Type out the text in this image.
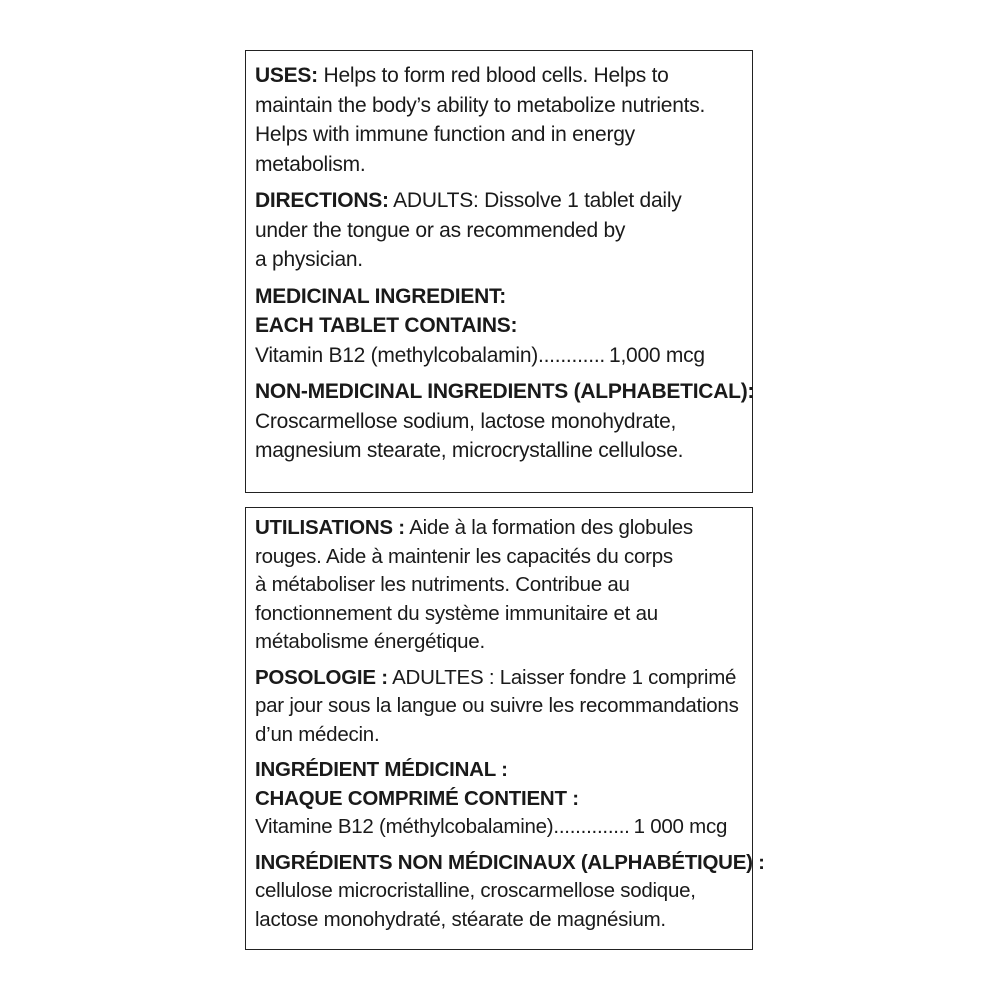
USES: Helps to form red blood cells. Helps to
maintain the body’s ability to metabolize nutrients.
Helps with immune function and in energy
metabolism.
DIRECTIONS: ADULTS: Dissolve 1 tablet daily
under the tongue or as recommended by
a physician.
MEDICINAL INGREDIENT:
EACH TABLET CONTAINS:
Vitamin B12 (methylcobalamin) ............ 1,000 mcg
NON-MEDICINAL INGREDIENTS (ALPHABETICAL):
Croscarmellose sodium, lactose monohydrate,
magnesium stearate, microcrystalline cellulose.
UTILISATIONS : Aide à la formation des globules
rouges. Aide à maintenir les capacités du corps
à métaboliser les nutriments. Contribue au
fonctionnement du système immunitaire et au
métabolisme énergétique.
POSOLOGIE : ADULTES : Laisser fondre 1 comprimé
par jour sous la langue ou suivre les recommandations
d’un médecin.
INGRÉDIENT MÉDICINAL :
CHAQUE COMPRIMÉ CONTIENT :
Vitamine B12 (méthylcobalamine) .............. 1 000 mcg
INGRÉDIENTS NON MÉDICINAUX (ALPHABÉTIQUE) :
cellulose microcristalline, croscarmellose sodique,
lactose monohydraté, stéarate de magnésium.
